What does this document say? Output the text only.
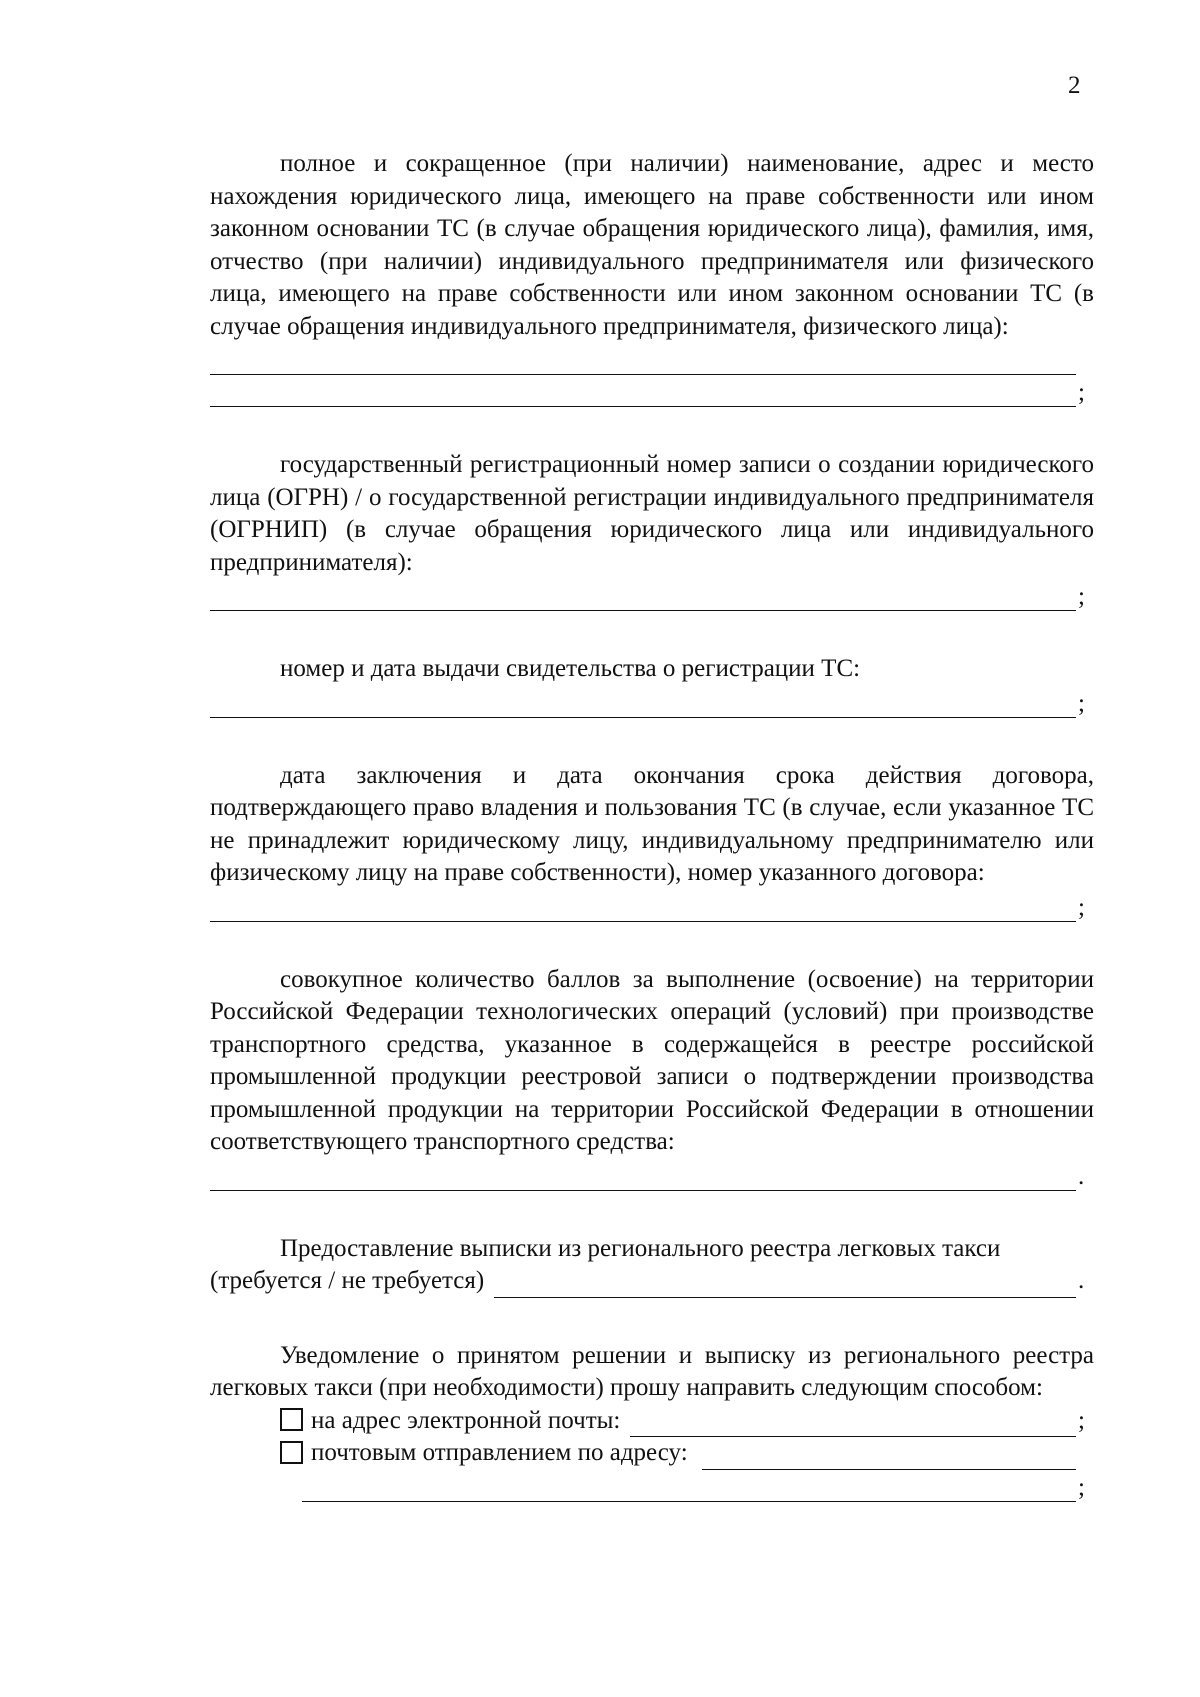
2

полное и сокращенное (при наличии) наименование, адрес и место нахождения юридического лица, имеющего на праве собственности или ином законном основании ТС (в случае обращения юридического лица), фамилия, имя, отчество (при наличии) индивидуального предпринимателя или физического лица, имеющего на праве собственности или ином законном основании ТС (в случае обращения индивидуального предпринимателя, физического лица):

;

государственный регистрационный номер записи о создании юридического лица (ОГРН) / о государственной регистрации индивидуального предпринимателя (ОГРНИП) (в случае обращения юридического лица или индивидуального предпринимателя):

;

номер и дата выдачи свидетельства о регистрации ТС:

;

дата заключения и дата окончания срока действия договора, подтверждающего право владения и пользования ТС (в случае, если указанное ТС не принадлежит юридическому лицу, индивидуальному предпринимателю или физическому лицу на праве собственности), номер указанного договора:

;

совокупное количество баллов за выполнение (освоение) на территории Российской Федерации технологических операций (условий) при производстве транспортного средства, указанное в содержащейся в реестре российской промышленной продукции реестровой записи о подтверждении производства промышленной продукции на территории Российской Федерации в отношении соответствующего транспортного средства:

.

Предоставление выписки из регионального реестра легковых такси

(требуется / не требуется)	.

Уведомление о принятом решении и выписку из регионального реестра легковых такси (при необходимости) прошу направить следующим способом:

на адрес электронной почты:	;
почтовым отправлением по адресу:
;
